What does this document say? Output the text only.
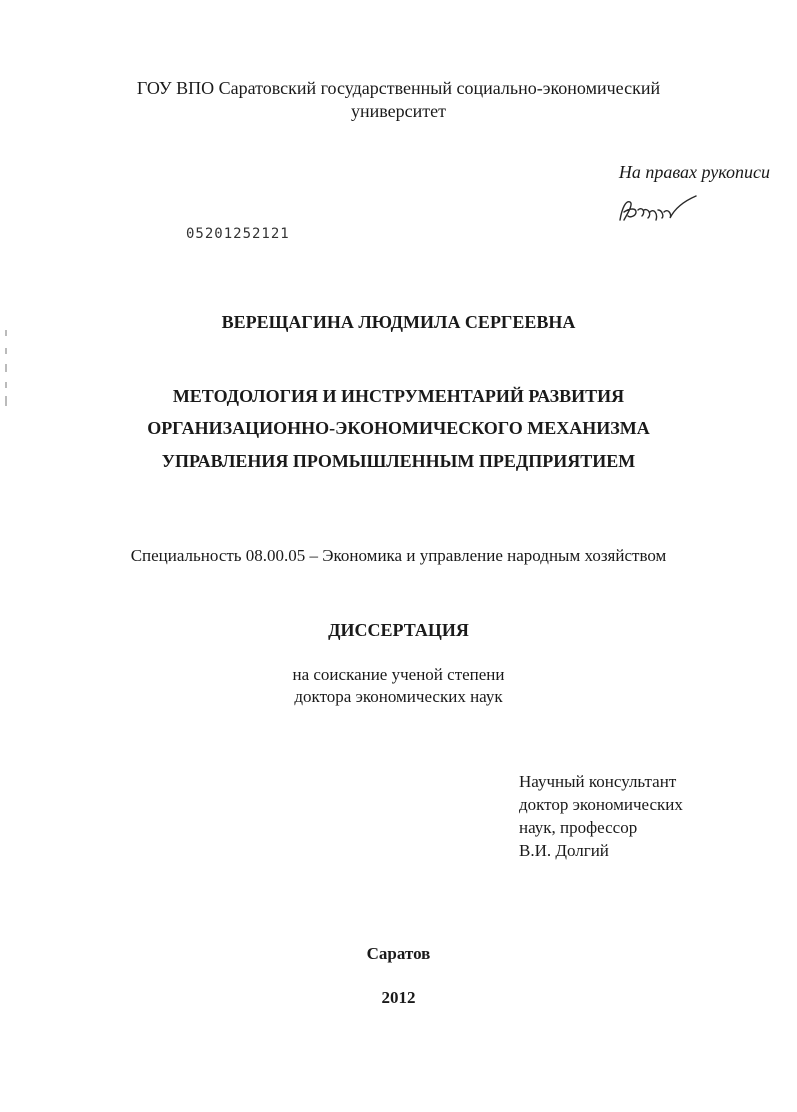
ГОУ ВПО Саратовский государственный социально-экономический
университет
На правах рукописи
05201252121
ВЕРЕЩАГИНА ЛЮДМИЛА СЕРГЕЕВНА
МЕТОДОЛОГИЯ И ИНСТРУМЕНТАРИЙ РАЗВИТИЯ
ОРГАНИЗАЦИОННО-ЭКОНОМИЧЕСКОГО МЕХАНИЗМА
УПРАВЛЕНИЯ ПРОМЫШЛЕННЫМ ПРЕДПРИЯТИЕМ
Специальность 08.00.05 – Экономика и управление народным хозяйством
ДИССЕРТАЦИЯ
на соискание ученой степени
доктора экономических наук
Научный консультант
доктор экономических
наук, профессор
В.И. Долгий
Саратов
2012
